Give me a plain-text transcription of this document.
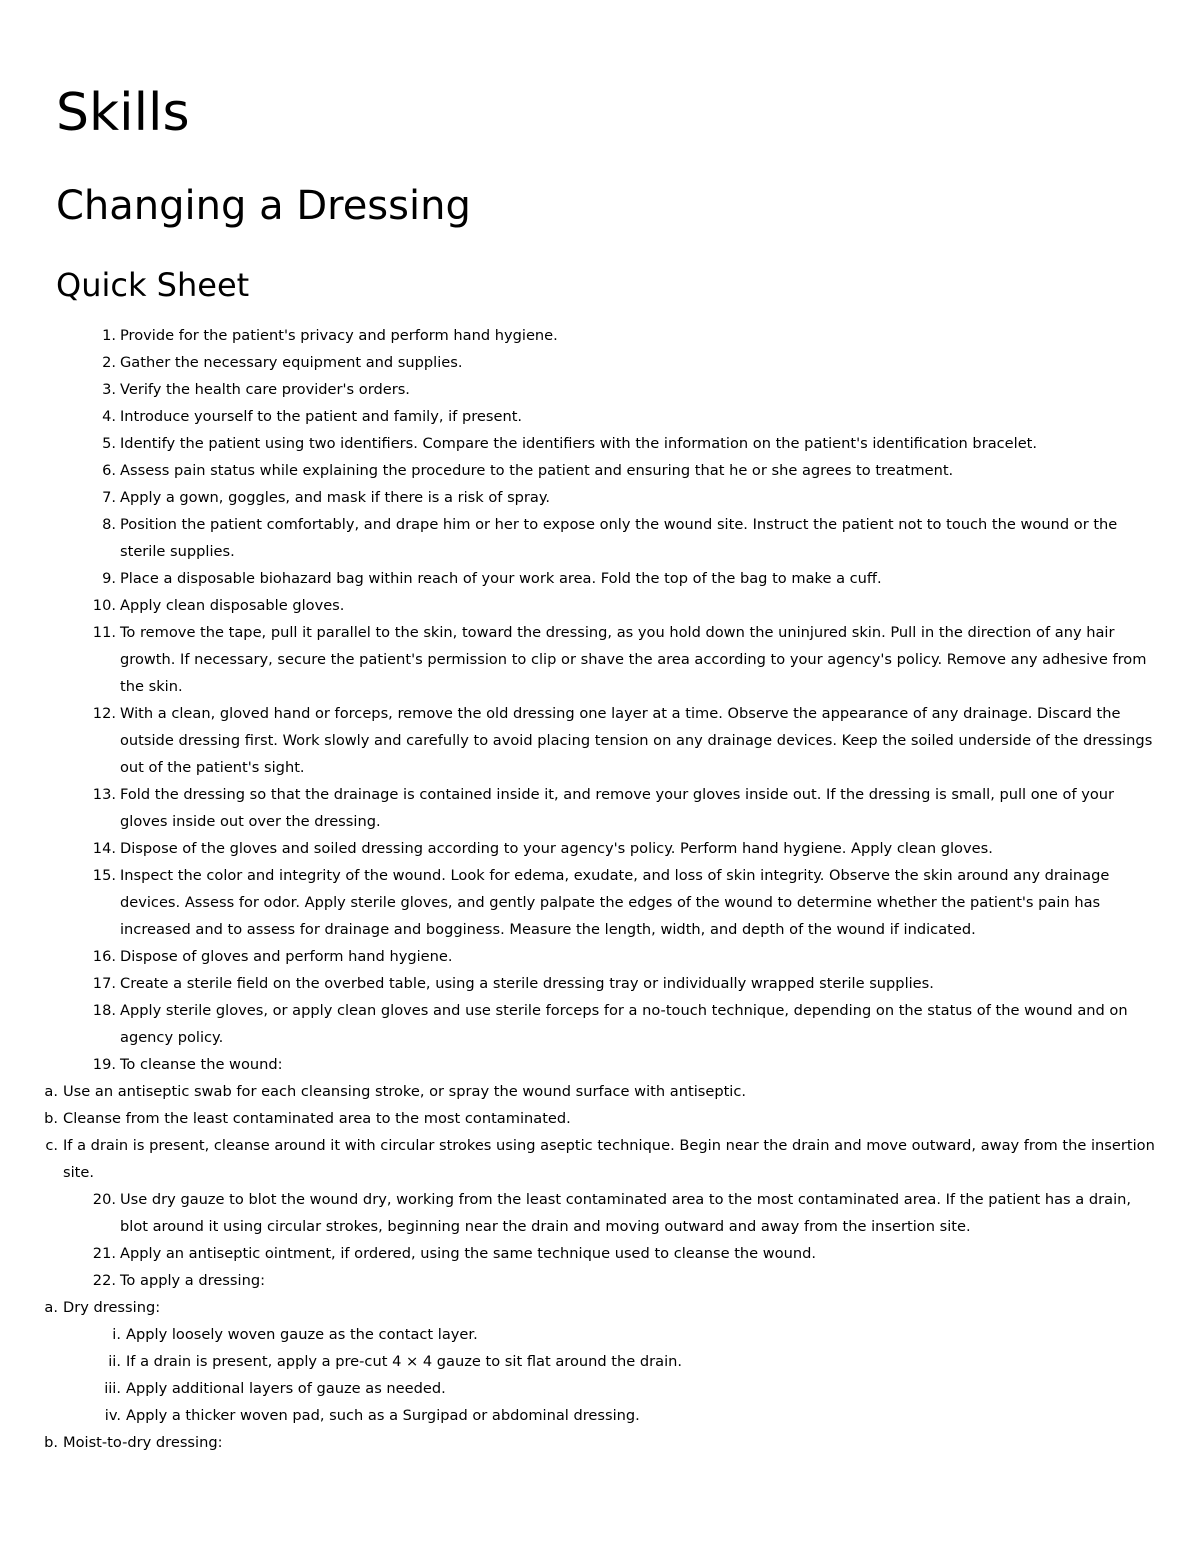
Skills
Changing a Dressing
Quick Sheet
1. Provide for the patient's privacy and perform hand hygiene.
2. Gather the necessary equipment and supplies.
3. Verify the health care provider's orders.
4. Introduce yourself to the patient and family, if present.
5. Identify the patient using two identifiers. Compare the identifiers with the information on the patient's identification bracelet.
6. Assess pain status while explaining the procedure to the patient and ensuring that he or she agrees to treatment.
7. Apply a gown, goggles, and mask if there is a risk of spray.
8. Position the patient comfortably, and drape him or her to expose only the wound site. Instruct the patient not to touch the wound or the sterile supplies.
9. Place a disposable biohazard bag within reach of your work area. Fold the top of the bag to make a cuff.
10. Apply clean disposable gloves.
11. To remove the tape, pull it parallel to the skin, toward the dressing, as you hold down the uninjured skin. Pull in the direction of any hair growth. If necessary, secure the patient's permission to clip or shave the area according to your agency's policy. Remove any adhesive from the skin.
12. With a clean, gloved hand or forceps, remove the old dressing one layer at a time. Observe the appearance of any drainage. Discard the outside dressing first. Work slowly and carefully to avoid placing tension on any drainage devices. Keep the soiled underside of the dressings out of the patient's sight.
13. Fold the dressing so that the drainage is contained inside it, and remove your gloves inside out. If the dressing is small, pull one of your gloves inside out over the dressing.
14. Dispose of the gloves and soiled dressing according to your agency's policy. Perform hand hygiene. Apply clean gloves.
15. Inspect the color and integrity of the wound. Look for edema, exudate, and loss of skin integrity. Observe the skin around any drainage devices. Assess for odor. Apply sterile gloves, and gently palpate the edges of the wound to determine whether the patient's pain has increased and to assess for drainage and bogginess. Measure the length, width, and depth of the wound if indicated.
16. Dispose of gloves and perform hand hygiene.
17. Create a sterile field on the overbed table, using a sterile dressing tray or individually wrapped sterile supplies.
18. Apply sterile gloves, or apply clean gloves and use sterile forceps for a no-touch technique, depending on the status of the wound and on agency policy.
19. To cleanse the wound:
a. Use an antiseptic swab for each cleansing stroke, or spray the wound surface with antiseptic.
b. Cleanse from the least contaminated area to the most contaminated.
c. If a drain is present, cleanse around it with circular strokes using aseptic technique. Begin near the drain and move outward, away from the insertion site.
20. Use dry gauze to blot the wound dry, working from the least contaminated area to the most contaminated area. If the patient has a drain, blot around it using circular strokes, beginning near the drain and moving outward and away from the insertion site.
21. Apply an antiseptic ointment, if ordered, using the same technique used to cleanse the wound.
22. To apply a dressing:
a. Dry dressing:
i. Apply loosely woven gauze as the contact layer.
ii. If a drain is present, apply a pre-cut 4 × 4 gauze to sit flat around the drain.
iii. Apply additional layers of gauze as needed.
iv. Apply a thicker woven pad, such as a Surgipad or abdominal dressing.
b. Moist-to-dry dressing:
